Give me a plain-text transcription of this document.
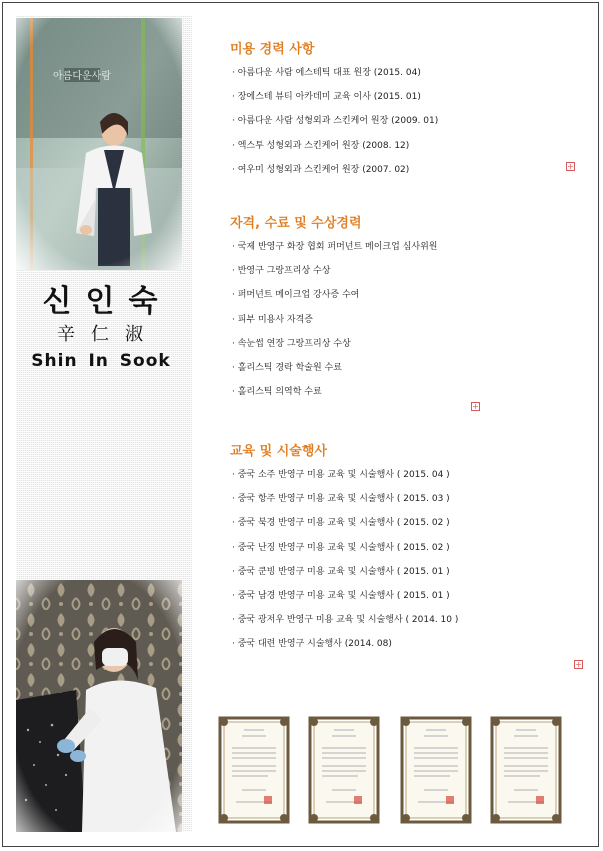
신인숙
辛仁淑
Shin In Sook
미용 경력 사항
· 아름다운 사람 에스테틱 대표 원장 (2015. 04)
· 장에스테 뷰티 아카데미 교육 이사 (2015. 01)
· 아름다운 사람 성형외과 스킨케어 원장 (2009. 01)
· 엑스투 성형외과 스킨케어 원장 (2008. 12)
· 여우미 성형외과 스킨케어 원장 (2007. 02)	+
자격, 수료 및 수상경력
· 국제 반영구 화장 협회 퍼머넌트 메이크업 심사위원
· 반영구 그랑프리상 수상
· 퍼머넌트 메이크업 강사증 수여
· 피부 미용사 자격증
· 속눈썹 연장 그랑프리상 수상
· 홀리스틱 경락 학술원 수료
· 홀리스틱 의역학 수료
+
교육 및 시술행사
· 중국 소주 반영구 미용 교육 및 시술행사 ( 2015. 04 )
· 중국 항주 반영구 미용 교육 및 시술행사 ( 2015. 03 )
· 중국 북경 반영구 미용 교육 및 시술행사 ( 2015. 02 )
· 중국 난징 반영구 미용 교육 및 시술행사 ( 2015. 02 )
· 중국 쿤빙 반영구 미용 교육 및 시술행사 ( 2015. 01 )
· 중국 남경 반영구 미용 교육 및 시술행사 ( 2015. 01 )
· 중국 광저우 반영구 미용 교육 및 시술행사 ( 2014. 10 )
· 중국 대련 반영구 시술행사 (2014. 08)
+
